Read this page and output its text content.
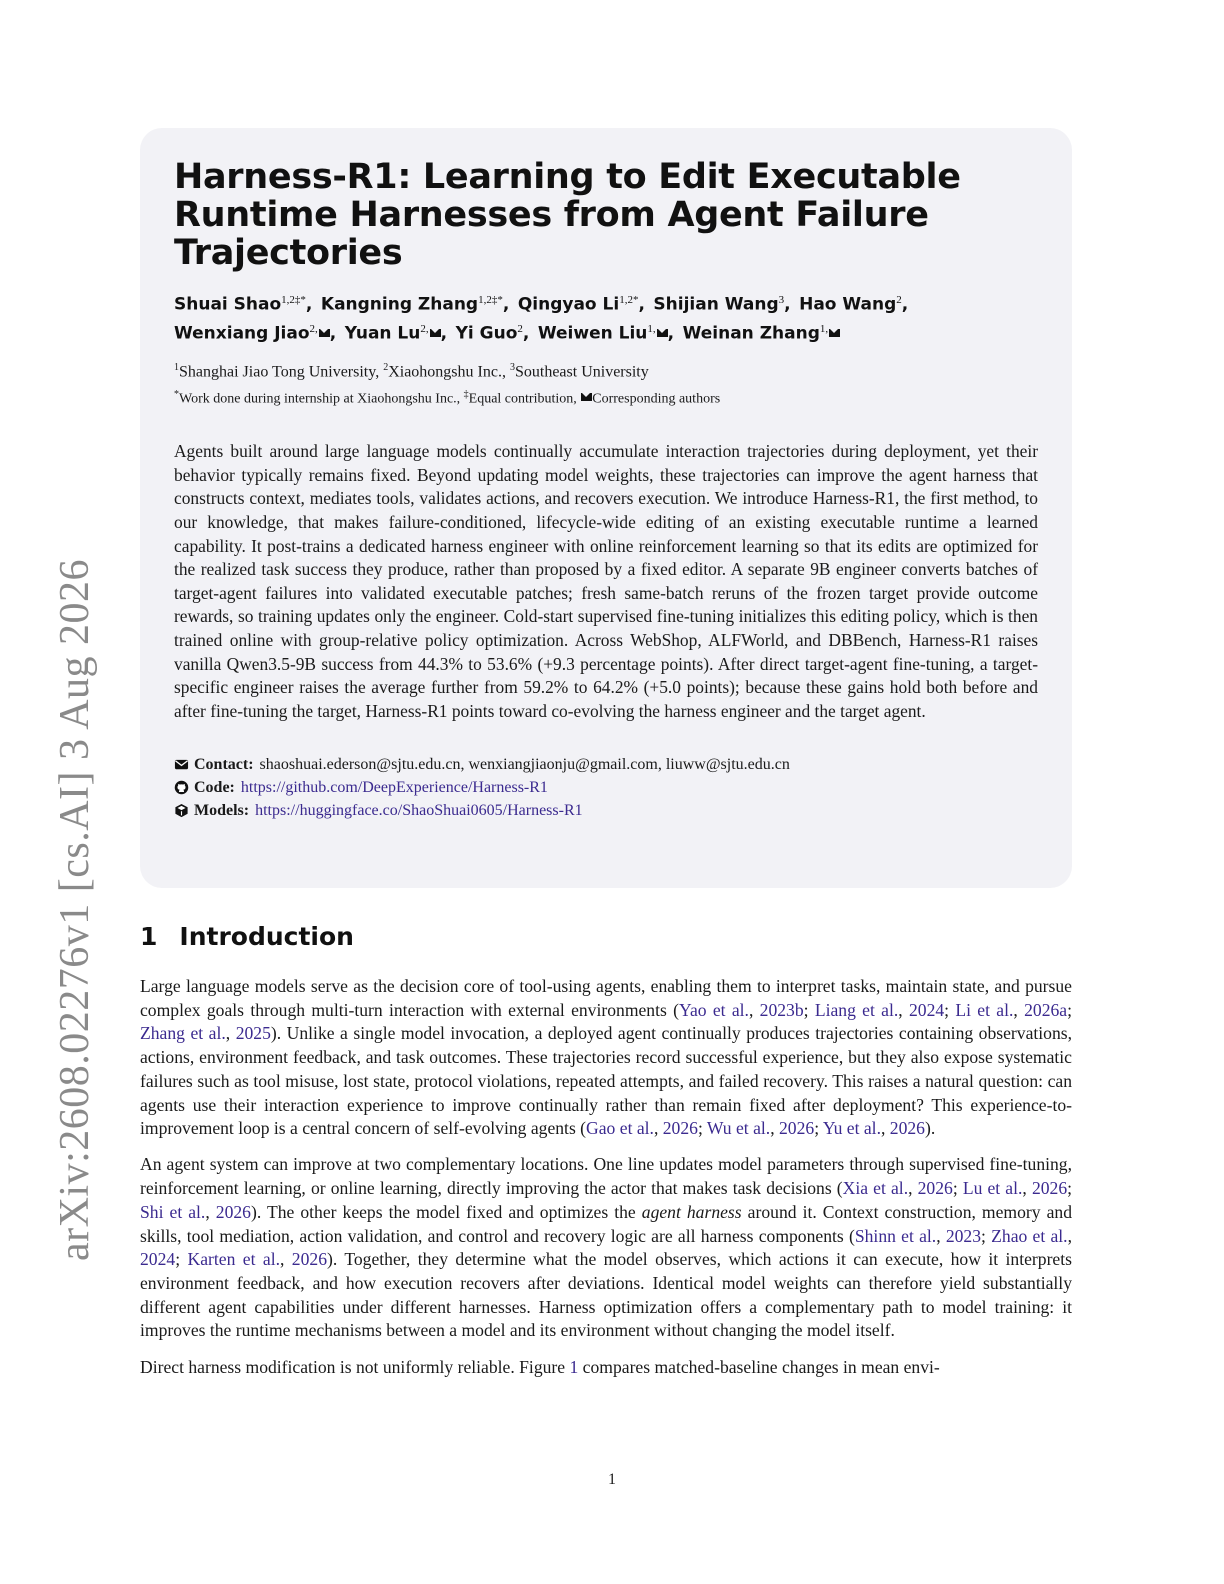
arXiv:2608.02276v1 [cs.AI] 3 Aug 2026
Harness-R1: Learning to Edit Executable Runtime Harnesses from Agent Failure Trajectories
Shuai Shao$^{1,2\ddagger*}$, Kangning Zhang$^{1,2\ddagger*}$, Qingyao $Li^{1,2*}$, Shijian Wang$^3$, Hao Wang$^2$, Wenxiang Jiao$^{2,}$ , Yuan $Lu^{2,}$ , Yi Guo$^2$, Weiwen Liu$^{1,}$ , Weinan Zhang$^{1,}$
$^1$Shanghai Jiao Tong University, $^2$Xiaohongshu Inc., $^3$Southeast University
*Work done during internship at Xiaohongshu Inc., ‡Equal contribution, Corresponding authors
Agents built around large language models continually accumulate interaction trajectories during deployment, yet their behavior typically remains fixed. Beyond updating model weights, these trajectories can improve the agent harness that constructs context, mediates tools, validates actions, and recovers execution. We introduce Harness-R1, the first method, to our knowledge, that makes failure-conditioned, lifecycle-wide editing of an existing executable runtime a learned capability. It post-trains a dedicated harness engineer with online reinforcement learning so that its edits are optimized for the realized task success they produce, rather than proposed by a fixed editor. A separate 9B engineer converts batches of target-agent failures into validated executable patches; fresh same-batch reruns of the frozen target provide outcome rewards, so training updates only the engineer. Cold-start supervised fine-tuning initializes this editing policy, which is then trained online with group-relative policy optimization. Across WebShop, ALFWorld, and DBBench, Harness-R1 raises vanilla Qwen3.5-9B success from 44.3% to 53.6% (+9.3 percentage points). After direct target-agent fine-tuning, a target-specific engineer raises the average further from 59.2% to 64.2% (+5.0 points); because these gains hold both before and after fine-tuning the target, Harness-R1 points toward co-evolving the harness engineer and the target agent.
Contact: shaoshuai.ederson@sjtu.edu.cn, wenxiangjiaonju@gmail.com, liuww@sjtu.edu.cn
Code: https://github.com/DeepExperience/Harness-R1
Models: https://huggingface.co/ShaoShuai0605/Harness-R1
1 Introduction

Large language models serve as the decision core of tool-using agents, enabling them to interpret tasks, maintain state, and pursue complex goals through multi-turn interaction with external environments (Yao et al., 2023b; Liang et al., 2024; Li et al., 2026a; Zhang et al., 2025). Unlike a single model invocation, a deployed agent continually produces trajectories containing observations, actions, environment feedback, and task outcomes. These trajectories record successful experience, but they also expose systematic failures such as tool misuse, lost state, protocol violations, repeated attempts, and failed recovery. This raises a natural question: can agents use their interaction experience to improve continually rather than remain fixed after deployment? This experience-to-improvement loop is a central concern of self-evolving agents (Gao et al., 2026; Wu et al., 2026; Yu et al., 2026).

An agent system can improve at two complementary locations. One line updates model parameters through supervised fine-tuning, reinforcement learning, or online learning, directly improving the actor that makes task decisions (Xia et al., 2026; Lu et al., 2026; Shi et al., 2026). The other keeps the model fixed and optimizes the agent harness around it. Context construction, memory and skills, tool mediation, action validation, and control and recovery logic are all harness components (Shinn et al., 2023; Zhao et al., 2024; Karten et al., 2026). Together, they determine what the model observes, which actions it can execute, how it interprets environment feedback, and how execution recovers after deviations. Identical model weights can therefore yield substantially different agent capabilities under different harnesses. Harness optimization offers a complementary path to model training: it improves the runtime mechanisms between a model and its environment without changing the model itself.

Direct harness modification is not uniformly reliable. Figure 1 compares matched-baseline changes in mean envi-

1
